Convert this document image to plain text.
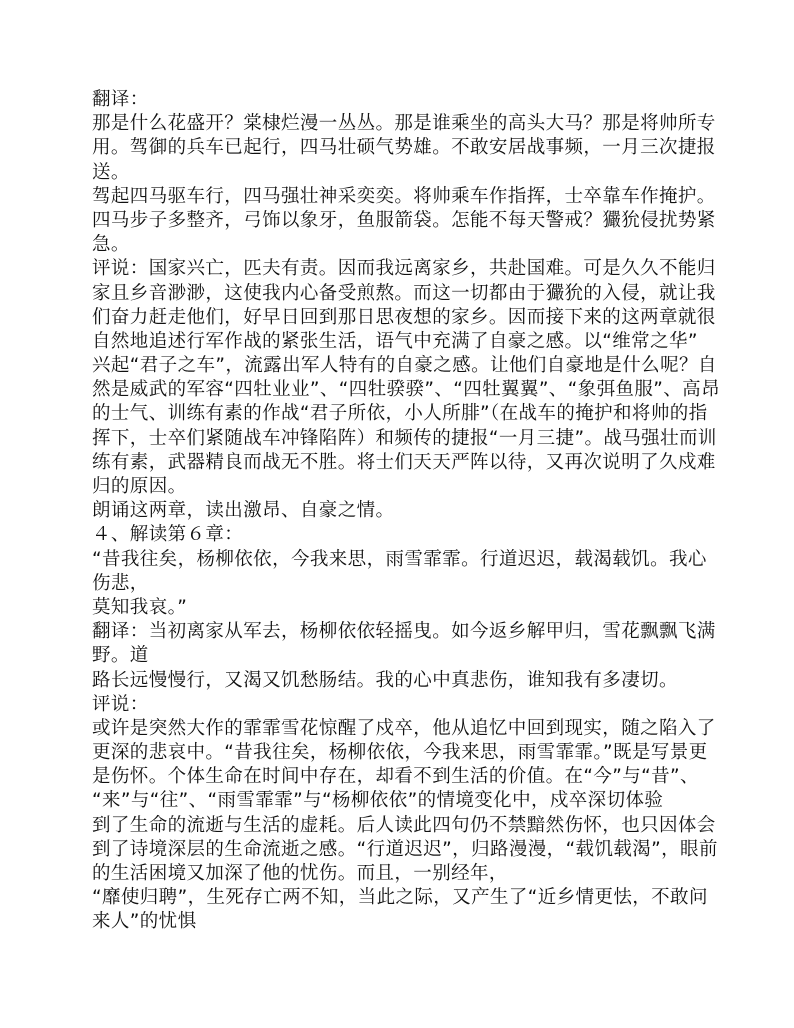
翻译：
那是什么花盛开？棠棣烂漫一丛丛。那是谁乘坐的高头大马？那是将帅所专
用。驾御的兵车已起行，四马壮硕气势雄。不敢安居战事频，一月三次捷报
送。
驾起四马驱车行，四马强壮神采奕奕。将帅乘车作指挥，士卒靠车作掩护。
四马步子多整齐，弓饰以象牙，鱼服箭袋。怎能不每天警戒？玁狁侵扰势紧
急。
评说：国家兴亡，匹夫有责。因而我远离家乡，共赴国难。可是久久不能归
家且乡音渺渺，这使我内心备受煎熬。而这一切都由于玁狁的入侵，就让我
们奋力赶走他们，好早日回到那日思夜想的家乡。因而接下来的这两章就很
自然地追述行军作战的紧张生活，语气中充满了自豪之感。以“维常之华”
兴起“君子之车”，流露出军人特有的自豪之感。让他们自豪地是什么呢？自
然是威武的军容“四牡业业”、“四牡骙骙”、“四牡翼翼”、“象弭鱼服”、高昂
的士气、训练有素的作战“君子所依，小人所腓”（在战车的掩护和将帅的指
挥下，士卒们紧随战车冲锋陷阵）和频传的捷报“一月三捷”。战马强壮而训
练有素，武器精良而战无不胜。将士们天天严阵以待，又再次说明了久戍难
归的原因。
朗诵这两章，读出激昂、自豪之情。
４、解读第６章：
“昔我往矣，杨柳依依，今我来思，雨雪霏霏。行道迟迟，载渴载饥。我心
伤悲，
莫知我哀。”
翻译：当初离家从军去，杨柳依依轻摇曳。如今返乡解甲归，雪花飘飘飞满
野。道
路长远慢慢行，又渴又饥愁肠结。我的心中真悲伤，谁知我有多凄切。
评说：
或许是突然大作的霏霏雪花惊醒了戍卒，他从追忆中回到现实，随之陷入了
更深的悲哀中。“昔我往矣，杨柳依依，今我来思，雨雪霏霏。”既是写景更
是伤怀。个体生命在时间中存在，却看不到生活的价值。在“今”与“昔”、
“来”与“往”、“雨雪霏霏”与“杨柳依依”的情境变化中，戍卒深切体验
到了生命的流逝与生活的虚耗。后人读此四句仍不禁黯然伤怀，也只因体会
到了诗境深层的生命流逝之感。“行道迟迟”，归路漫漫，“载饥载渴”，眼前
的生活困境又加深了他的忧伤。而且，一别经年，
“靡使归聘”，生死存亡两不知，当此之际，又产生了“近乡情更怯，不敢问
来人”的忧惧
